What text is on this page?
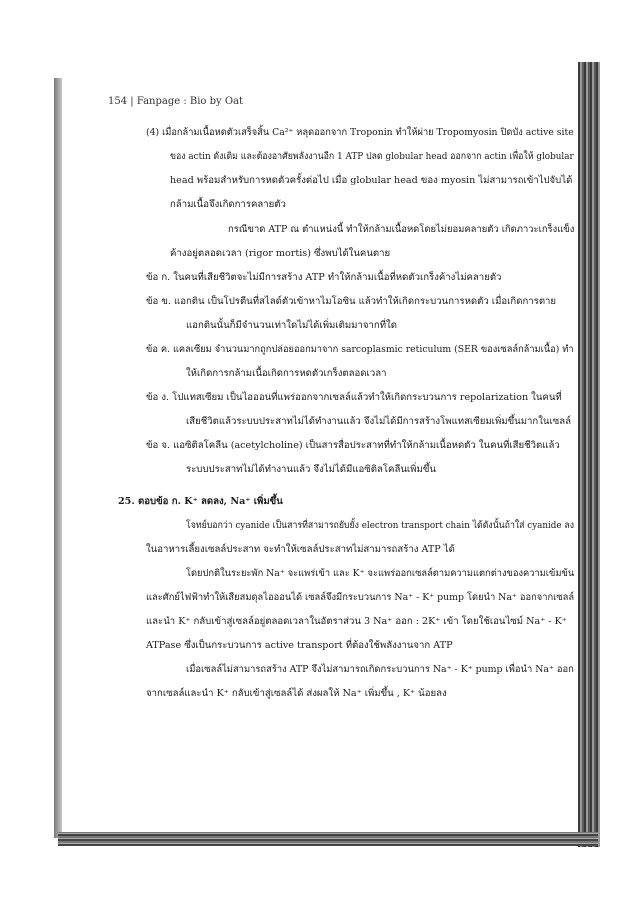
154 | Fanpage : Bio by Oat
(4) เมื่อกล้ามเนื้อหดตัวเสร็จสิ้น Ca²⁺ หลุดออกจาก Troponin ทำให้ผ่าย Tropomyosin ปิดบัง active site
ของ actin ดังเดิม และต้องอาศัยพลังงานอีก 1 ATP ปลด globular head ออกจาก actin เพื่อให้ globular
head พร้อมสำหรับการหดตัวครั้งต่อไป เมื่อ globular head ของ myosin ไม่สามารถเข้าไปจับได้
กล้ามเนื้อจึงเกิดการคลายตัว
กรณีขาด ATP ณ ตำแหน่งนี้ ทำให้กล้ามเนื้อหดโดยไม่ยอมคลายตัว เกิดภาวะเกร็งแข็ง
ค้างอยู่ตลอดเวลา (rigor mortis) ซึ่งพบได้ในคนตาย
ข้อ ก. ในคนที่เสียชีวิตจะไม่มีการสร้าง ATP ทำให้กล้ามเนื้อที่หดตัวเกร็งค้างไม่คลายตัว
ข้อ ข. แอกติน เป็นโปรตีนที่สไลด์ตัวเข้าหาไมโอซิน แล้วทำให้เกิดกระบวนการหดตัว เมื่อเกิดการตาย
แอกตินนั้นก็มีจำนวนเท่าใดไม่ได้เพิ่มเติมมาจากที่ใด
ข้อ ค. แคลเซียม จำนวนมากถูกปล่อยออกมาจาก sarcoplasmic reticulum (SER ของเซลล์กล้ามเนื้อ) ทำ
ให้เกิดการกล้ามเนื้อเกิดการหดตัวเกร็งตลอดเวลา
ข้อ ง. โปแทสเซียม เป็นไอออนที่แพร่ออกจากเซลล์แล้วทำให้เกิดกระบวนการ repolarization ในคนที่
เสียชีวิตแล้วระบบประสาทไม่ได้ทำงานแล้ว จึงไม่ได้มีการสร้างโพแทสเซียมเพิ่มขึ้นมากในเซลล์
ข้อ จ. แอซิติลโคลีน (acetylcholine) เป็นสารสื่อประสาทที่ทำให้กล้ามเนื้อหดตัว ในคนที่เสียชีวิตแล้ว
ระบบประสาทไม่ได้ทำงานแล้ว จึงไม่ได้มีแอซิติลโคลีนเพิ่มขึ้น
25. ตอบข้อ ก. K⁺ ลดลง, Na⁺ เพิ่มขึ้น
โจทย์บอกว่า cyanide เป็นสารที่สามารถยับยั้ง electron transport chain ได้ดังนั้นถ้าใส่ cyanide ลง
ในอาหารเลี้ยงเซลล์ประสาท จะทำให้เซลล์ประสาทไม่สามารถสร้าง ATP ได้
โดยปกติในระยะพัก Na⁺ จะแพร่เข้า และ K⁺ จะแพร่ออกเซลล์ตามความแตกต่างของความเข้มข้น
และศักย์ไฟฟ้าทำให้เสียสมดุลไอออนได้ เซลล์จึงมีกระบวนการ Na⁺ - K⁺ pump โดยนำ Na⁺ ออกจากเซลล์
และนำ K⁺ กลับเข้าสู่เซลล์อยู่ตลอดเวลาในอัตราส่วน 3 Na⁺ ออก : 2K⁺ เข้า โดยใช้เอนไซม์ Na⁺ - K⁺
ATPase ซึ่งเป็นกระบวนการ active transport ที่ต้องใช้พลังงานจาก ATP
เมื่อเซลล์ไม่สามารถสร้าง ATP จึงไม่สามารถเกิดกระบวนการ Na⁺ - K⁺ pump เพื่อนำ Na⁺ ออก
จากเซลล์และนำ K⁺ กลับเข้าสู่เซลล์ได้ ส่งผลให้ Na⁺ เพิ่มขึ้น , K⁺ น้อยลง
